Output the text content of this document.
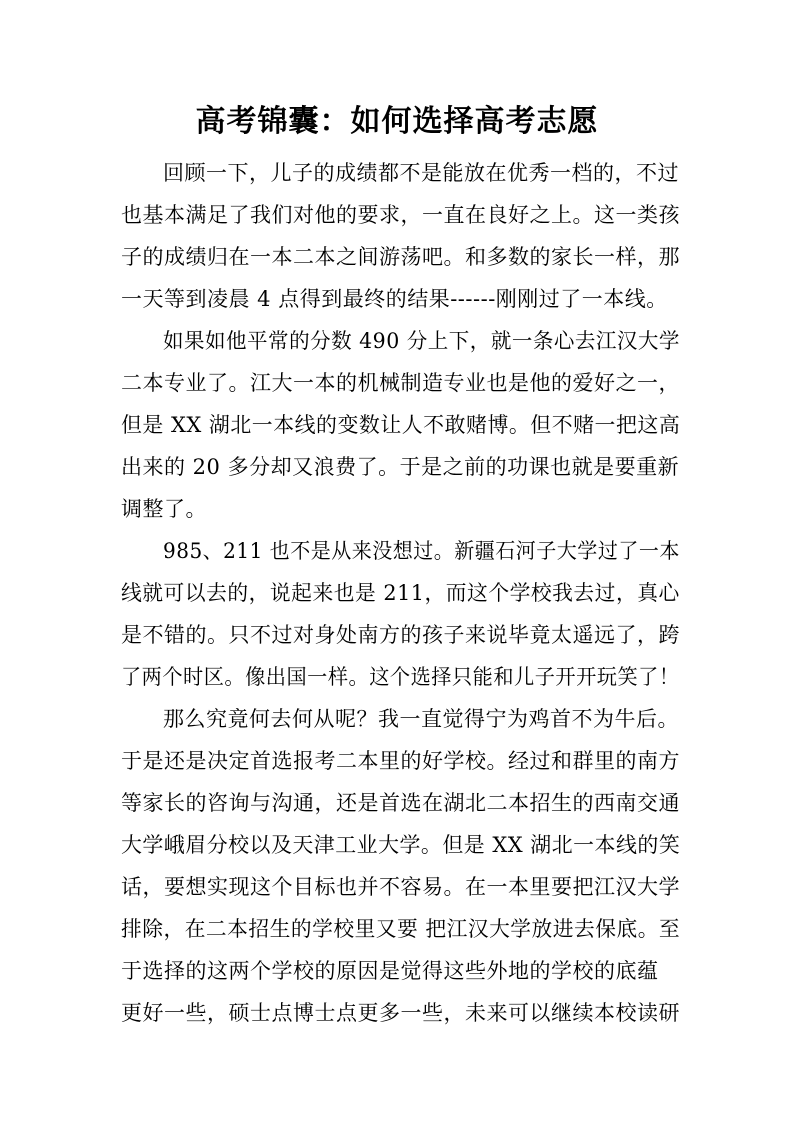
高考锦囊：如何选择高考志愿
回顾一下，儿子的成绩都不是能放在优秀一档的，不过
也基本满足了我们对他的要求，一直在良好之上。这一类孩
子的成绩归在一本二本之间游荡吧。和多数的家长一样，那
一天等到凌晨 4 点得到最终的结果------刚刚过了一本线。
如果如他平常的分数 490 分上下，就一条心去江汉大学
二本专业了。江大一本的机械制造专业也是他的爱好之一，
但是 XX 湖北一本线的变数让人不敢赌博。但不赌一把这高
出来的 20 多分却又浪费了。于是之前的功课也就是要重新
调整了。
985、211 也不是从来没想过。新疆石河子大学过了一本
线就可以去的，说起来也是 211，而这个学校我去过，真心
是不错的。只不过对身处南方的孩子来说毕竟太遥远了，跨
了两个时区。像出国一样。这个选择只能和儿子开开玩笑了！
那么究竟何去何从呢？我一直觉得宁为鸡首不为牛后。
于是还是决定首选报考二本里的好学校。经过和群里的南方
等家长的咨询与沟通，还是首选在湖北二本招生的西南交通
大学峨眉分校以及天津工业大学。但是 XX 湖北一本线的笑
话，要想实现这个目标也并不容易。在一本里要把江汉大学
排除，在二本招生的学校里又要 把江汉大学放进去保底。至
于选择的这两个学校的原因是觉得这些外地的学校的底蕴
更好一些，硕士点博士点更多一些，未来可以继续本校读研
